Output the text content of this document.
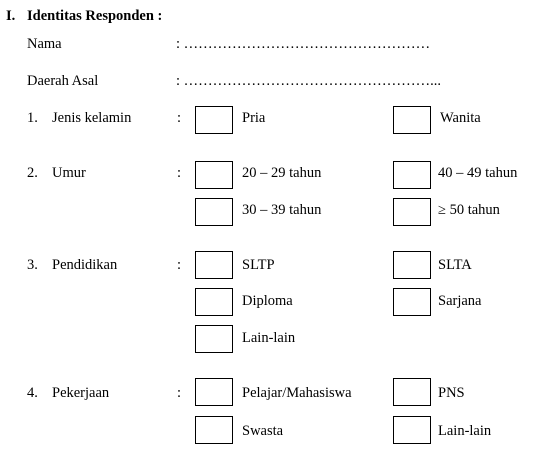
I. Identitas Responden :
Nama	: ……………………………………………
Daerah Asal	: ……………………………………………...
1. Jenis kelamin	:	Pria	Wanita
2. Umur	:	20 – 29 tahun	40 – 49 tahun
30 – 39 tahun	≥ 50 tahun
3. Pendidikan	:	SLTP	SLTA
Diploma	Sarjana
Lain-lain
4. Pekerjaan	:	Pelajar/Mahasiswa	PNS
Swasta	Lain-lain
